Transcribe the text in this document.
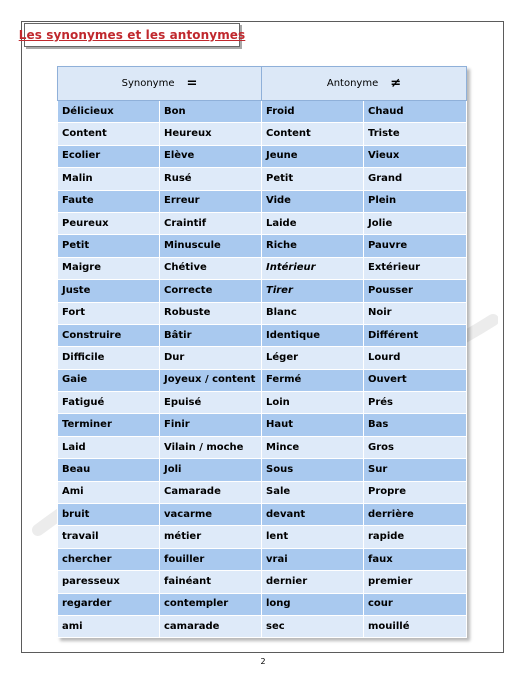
Les synonymes et les antonymes
Synonyme =		Antonyme ≠	

Délicieux	Bon	Froid	Chaud
Content	Heureux	Content	Triste
Ecolier	Elève	Jeune	Vieux
Malin	Rusé	Petit	Grand
Faute	Erreur	Vide	Plein
Peureux	Craintif	Laide	Jolie
Petit	Minuscule	Riche	Pauvre
Maigre	Chétive	Intérieur	Extérieur
Juste	Correcte	Tirer	Pousser
Fort	Robuste	Blanc	Noir
Construire	Bâtir	Identique	Différent
Difficile	Dur	Léger	Lourd
Gaie	Joyeux / content	Fermé	Ouvert
Fatigué	Epuisé	Loin	Prés
Terminer	Finir	Haut	Bas
Laid	Vilain / moche	Mince	Gros
Beau	Joli	Sous	Sur
Ami	Camarade	Sale	Propre
bruit	vacarme	devant	derrière
travail	métier	lent	rapide
chercher	fouiller	vrai	faux
paresseux	fainéant	dernier	premier
regarder	contempler	long	cour
ami	camarade	sec	mouillé
2
